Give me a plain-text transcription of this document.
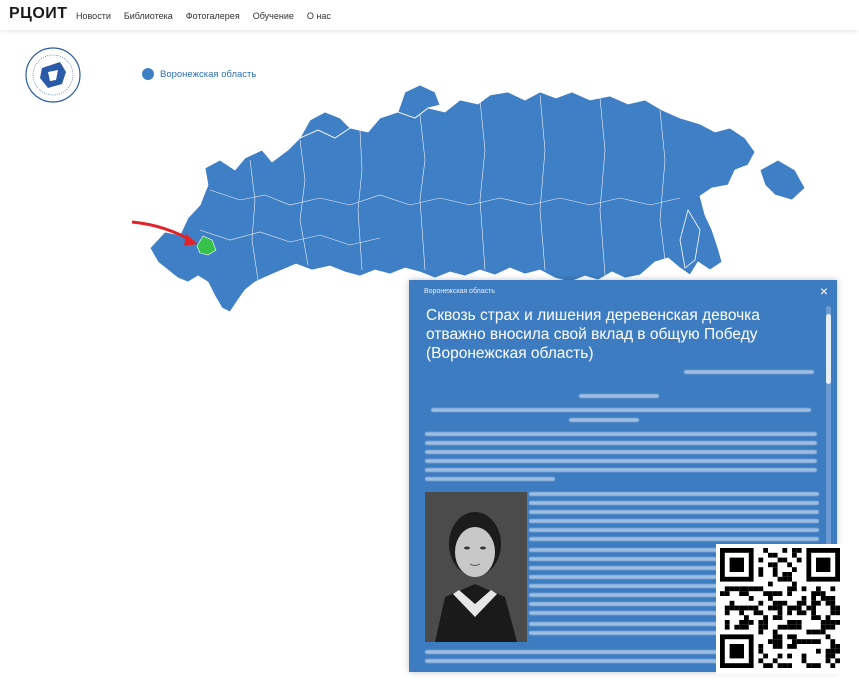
РЦОИТ Новости Библиотека Фотогалерея Обучение О нас
Воронежская область
Воронежская область	×
Сквозь страх и лишения деревенская девочка отважно вносила свой вклад в общую Победу (Воронежская область)
